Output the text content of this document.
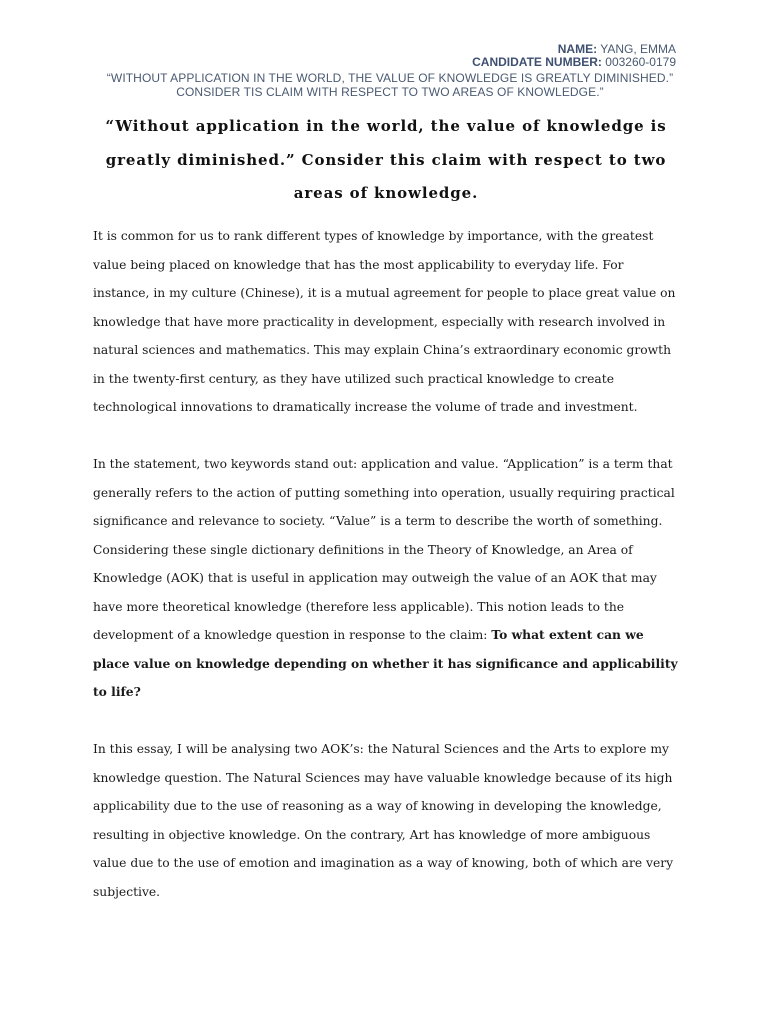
NAME: YANG, EMMA
CANDIDATE NUMBER: 003260-0179
“WITHOUT APPLICATION IN THE WORLD, THE VALUE OF KNOWLEDGE IS GREATLY DIMINISHED.” CONSIDER TIS CLAIM WITH RESPECT TO TWO AREAS OF KNOWLEDGE.”
“Without application in the world, the value of knowledge is greatly diminished.” Consider this claim with respect to two areas of knowledge.

It is common for us to rank different types of knowledge by importance, with the greatest value being placed on knowledge that has the most applicability to everyday life. For instance, in my culture (Chinese), it is a mutual agreement for people to place great value on knowledge that have more practicality in development, especially with research involved in natural sciences and mathematics. This may explain China’s extraordinary economic growth in the twenty-first century, as they have utilized such practical knowledge to create technological innovations to dramatically increase the volume of trade and investment.

In the statement, two keywords stand out: application and value. “Application” is a term that generally refers to the action of putting something into operation, usually requiring practical significance and relevance to society. “Value” is a term to describe the worth of something. Considering these single dictionary definitions in the Theory of Knowledge, an Area of Knowledge (AOK) that is useful in application may outweigh the value of an AOK that may have more theoretical knowledge (therefore less applicable). This notion leads to the development of a knowledge question in response to the claim: To what extent can we place value on knowledge depending on whether it has significance and applicability to life?

In this essay, I will be analysing two AOK’s: the Natural Sciences and the Arts to explore my knowledge question. The Natural Sciences may have valuable knowledge because of its high applicability due to the use of reasoning as a way of knowing in developing the knowledge, resulting in objective knowledge. On the contrary, Art has knowledge of more ambiguous value due to the use of emotion and imagination as a way of knowing, both of which are very subjective.
